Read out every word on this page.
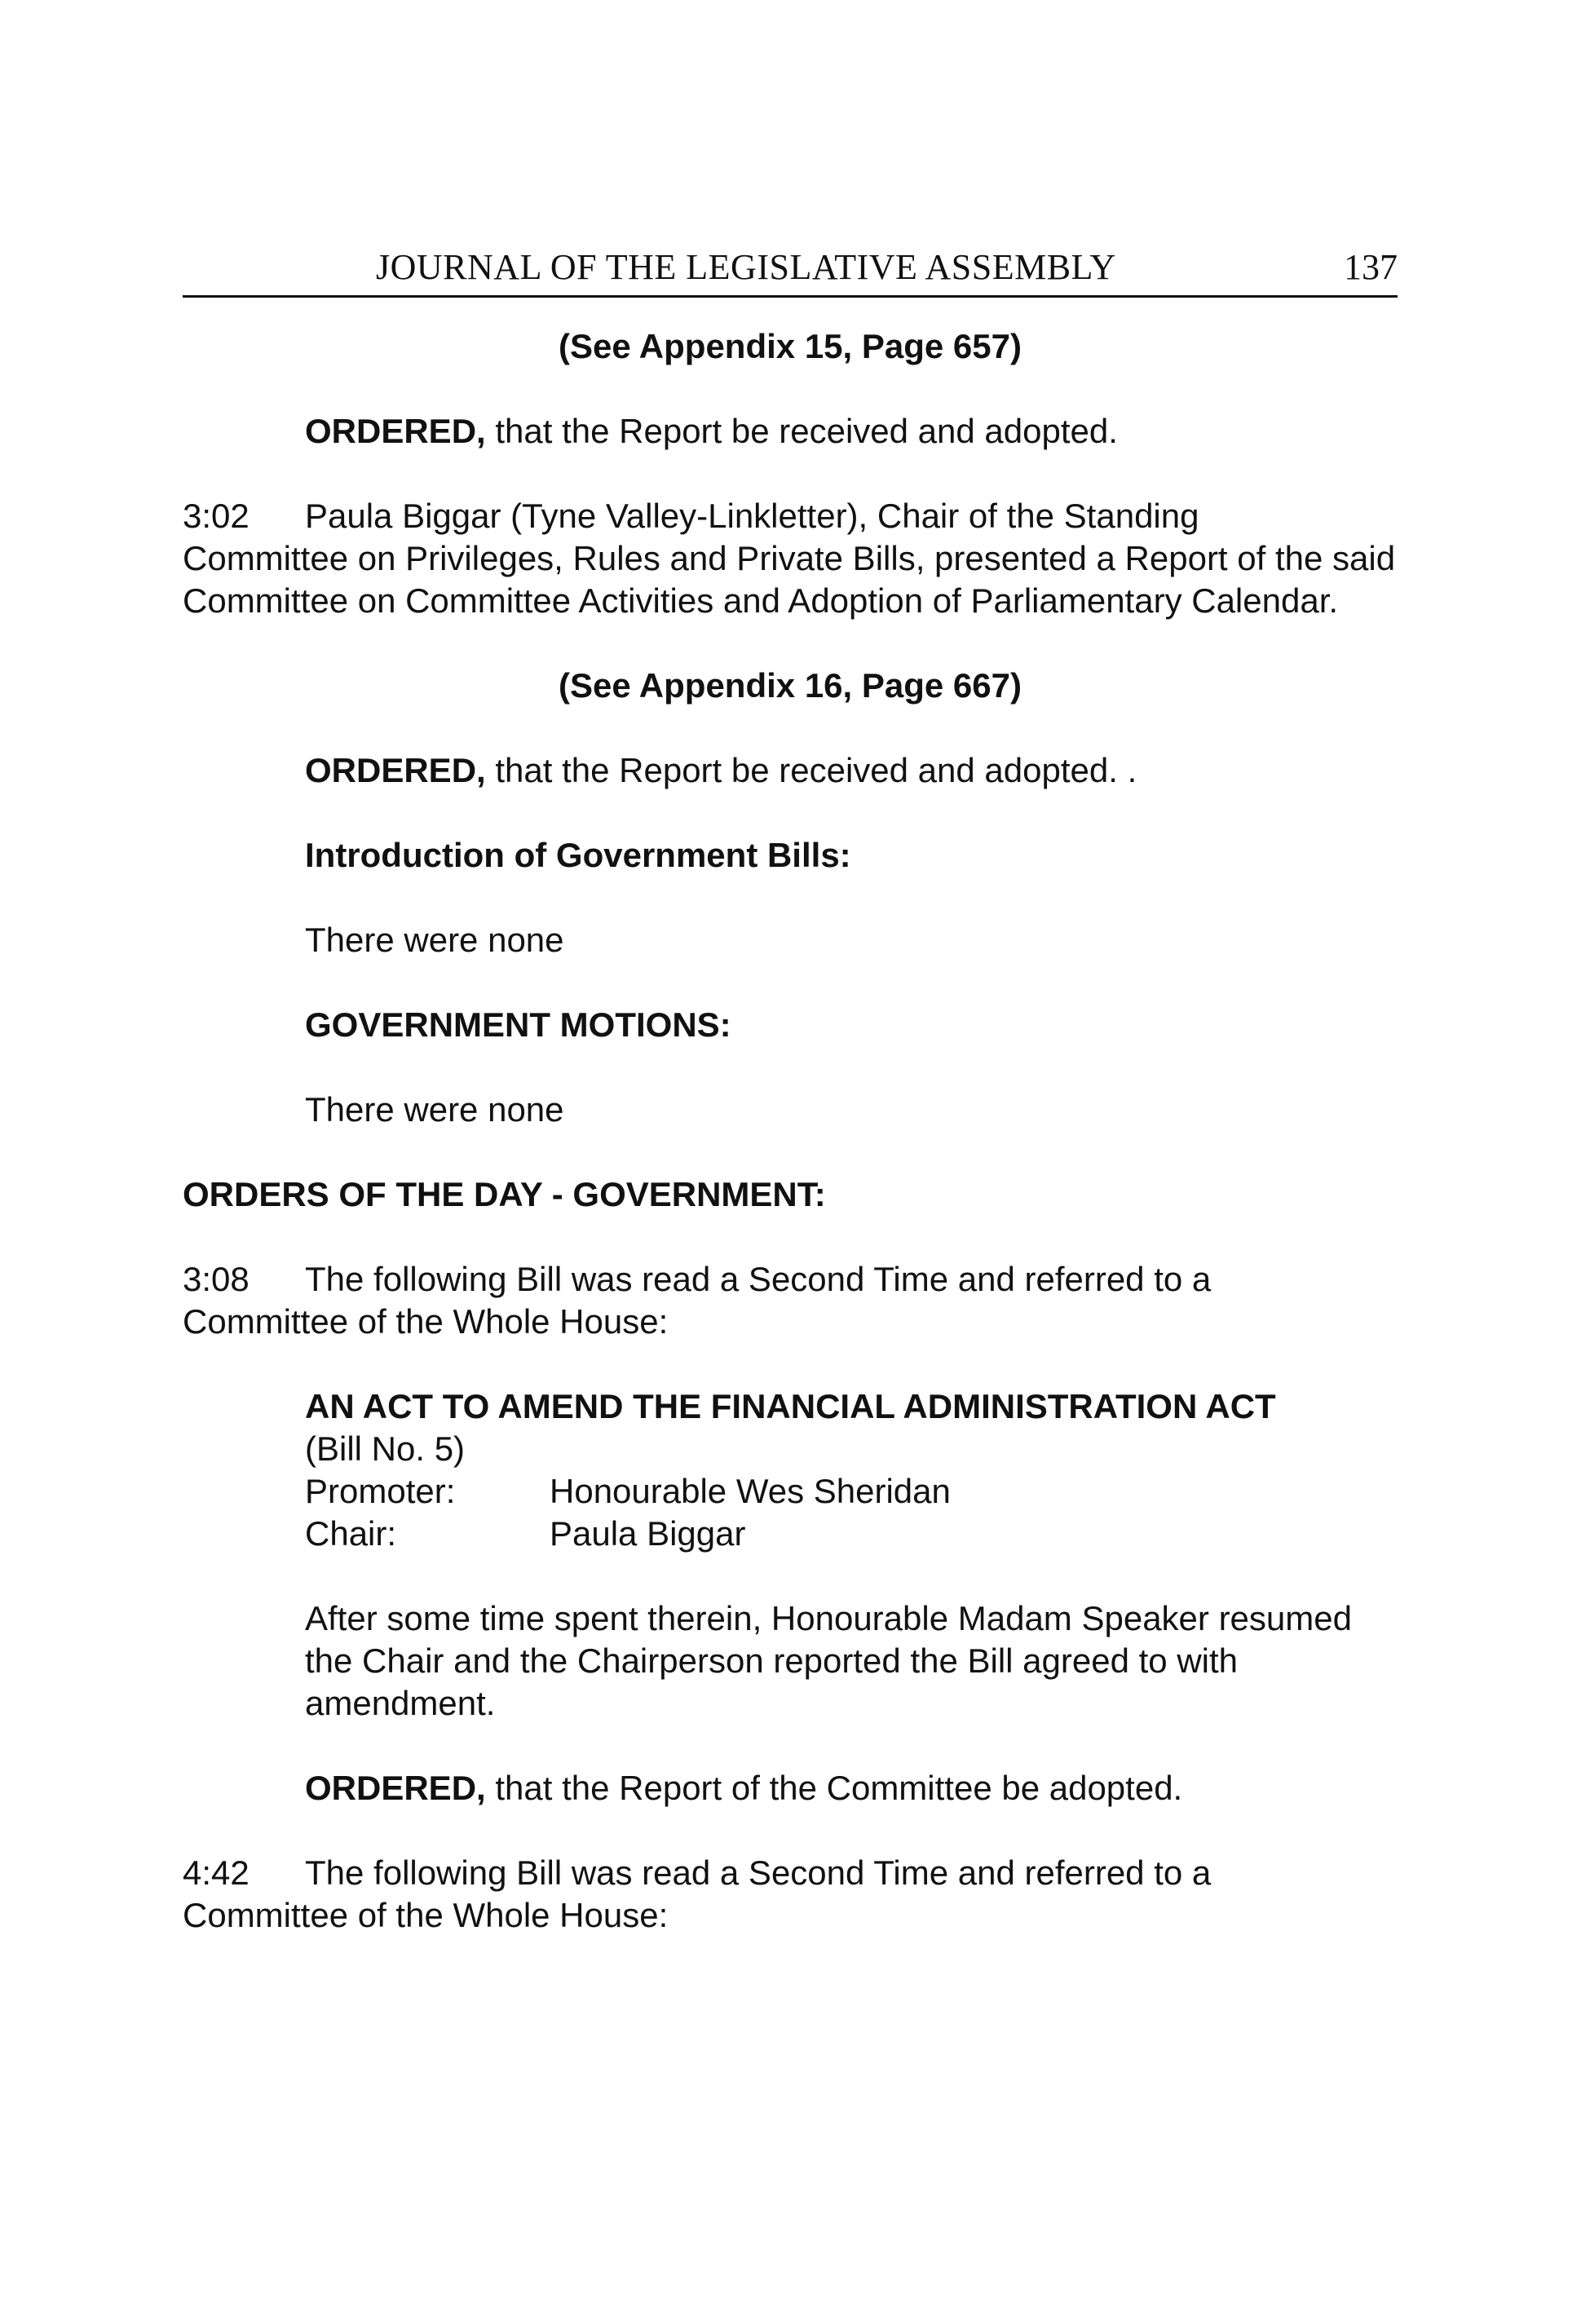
JOURNAL OF THE LEGISLATIVE ASSEMBLY	137

(See Appendix 15, Page 657)

ORDERED, that the Report be received and adopted.

3:02 Paula Biggar (Tyne Valley-Linkletter), Chair of the Standing
Committee on Privileges, Rules and Private Bills, presented a Report of the said Committee on Committee Activities and Adoption of Parliamentary Calendar.

(See Appendix 16, Page 667)

ORDERED, that the Report be received and adopted. .

Introduction of Government Bills:

There were none

GOVERNMENT MOTIONS:

There were none

ORDERS OF THE DAY - GOVERNMENT:

3:08 The following Bill was read a Second Time and referred to a
Committee of the Whole House:

AN ACT TO AMEND THE FINANCIAL ADMINISTRATION ACT

(Bill No. 5)

Promoter:	Honourable Wes Sheridan
Chair:	Paula Biggar

After some time spent therein, Honourable Madam Speaker resumed the Chair and the Chairperson reported the Bill agreed to with amendment.

ORDERED, that the Report of the Committee be adopted.

4:42 The following Bill was read a Second Time and referred to a
Committee of the Whole House:
